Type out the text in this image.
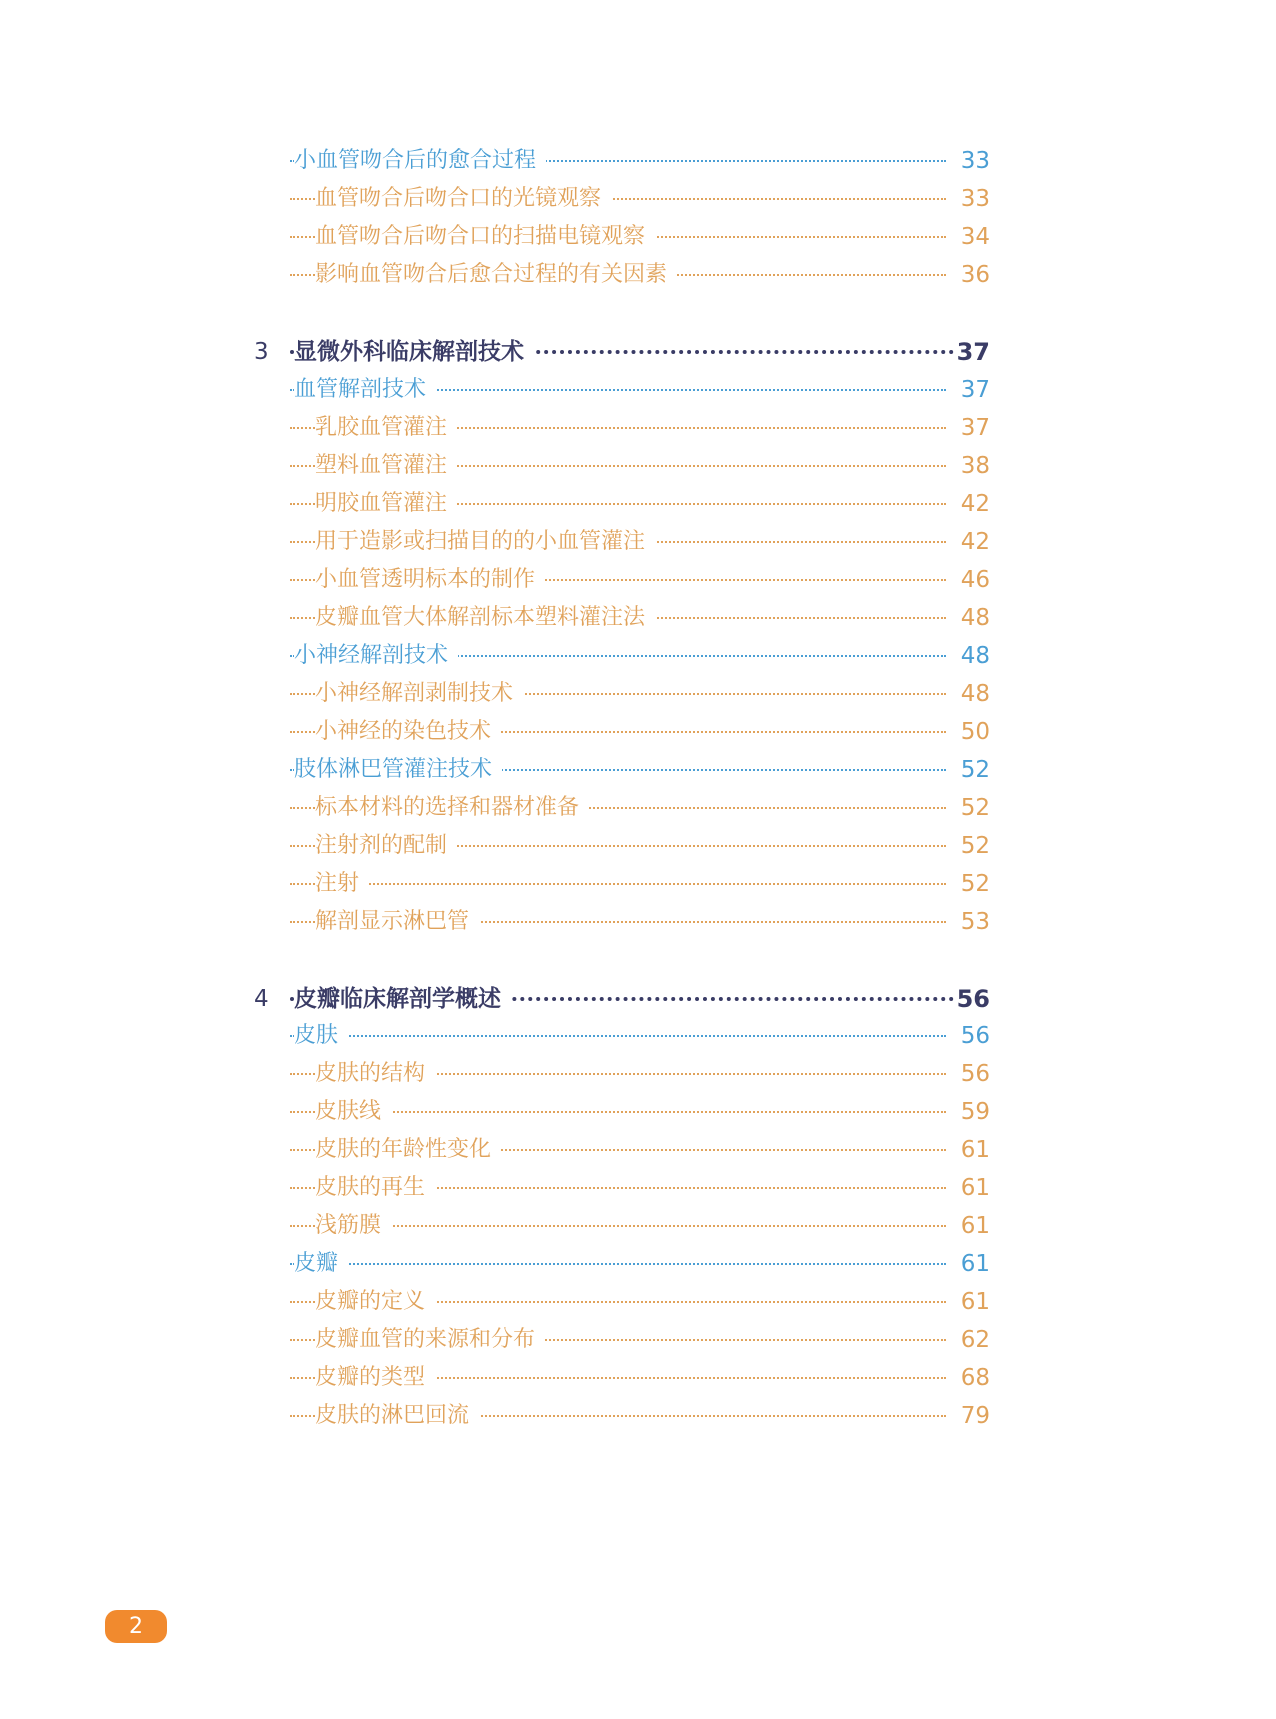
小血管吻合后的愈合过程	33
血管吻合后吻合口的光镜观察	33
血管吻合后吻合口的扫描电镜观察	34
影响血管吻合后愈合过程的有关因素	36
3	显微外科临床解剖技术	37
血管解剖技术	37
乳胶血管灌注	37
塑料血管灌注	38
明胶血管灌注	42
用于造影或扫描目的的小血管灌注	42
小血管透明标本的制作	46
皮瓣血管大体解剖标本塑料灌注法	48
小神经解剖技术	48
小神经解剖剥制技术	48
小神经的染色技术	50
肢体淋巴管灌注技术	52
标本材料的选择和器材准备	52
注射剂的配制	52
注射	52
解剖显示淋巴管	53
4	皮瓣临床解剖学概述	56
皮肤	56
皮肤的结构	56
皮肤线	59
皮肤的年龄性变化	61
皮肤的再生	61
浅筋膜	61
皮瓣	61
皮瓣的定义	61
皮瓣血管的来源和分布	62
皮瓣的类型	68
皮肤的淋巴回流	79
2
